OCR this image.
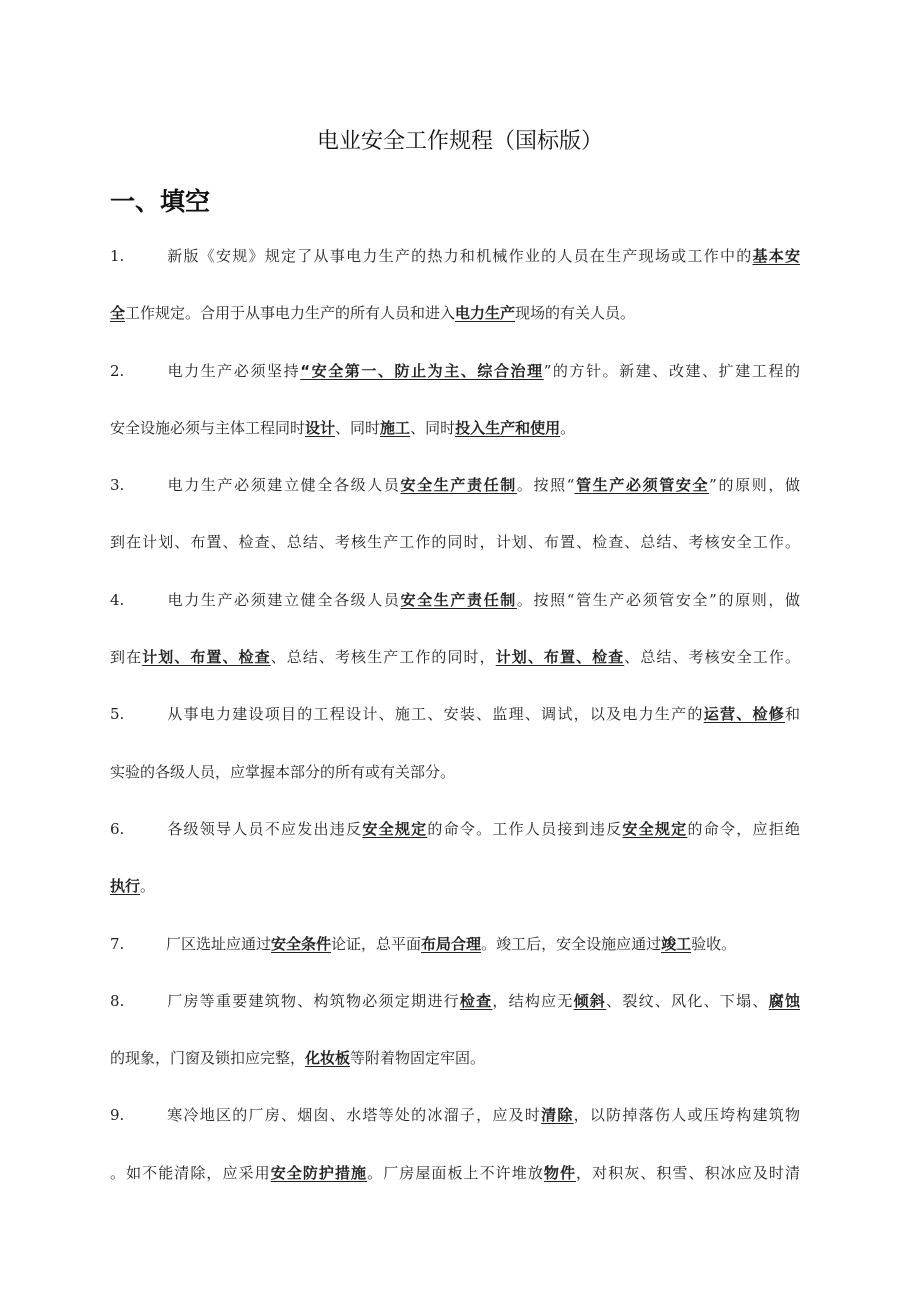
电业安全工作规程（国标版）
一、填空
1.	新版《安规》规定了从事电力生产的热力和机械作业的人员在生产现场或工作中的基本安
全工作规定。合用于从事电力生产的所有人员和进入电力生产现场的有关人员。
2.	电力生产必须坚持“安全第一、防止为主、综合治理”的方针。新建、改建、扩建工程的
安全设施必须与主体工程同时设计、同时施工、同时投入生产和使用。
3.	电力生产必须建立健全各级人员安全生产责任制。按照“管生产必须管安全”的原则，做
到在计划、布置、检查、总结、考核生产工作的同时，计划、布置、检查、总结、考核安全工作。
4.	电力生产必须建立健全各级人员安全生产责任制。按照“管生产必须管安全”的原则，做
到在计划、布置、检查、总结、考核生产工作的同时，计划、布置、检查、总结、考核安全工作。
5.	从事电力建设项目的工程设计、施工、安装、监理、调试，以及电力生产的运营、检修和
实验的各级人员，应掌握本部分的所有或有关部分。
6.	各级领导人员不应发出违反安全规定的命令。工作人员接到违反安全规定的命令，应拒绝
执行。
7.	厂区选址应通过安全条件论证，总平面布局合理。竣工后，安全设施应通过竣工验收。
8.	厂房等重要建筑物、构筑物必须定期进行检查，结构应无倾斜、裂纹、风化、下塌、腐蚀
的现象，门窗及锁扣应完整，化妆板等附着物固定牢固。
9.	寒冷地区的厂房、烟囱、水塔等处的冰溜子，应及时清除，以防掉落伤人或压垮构建筑物
。如不能清除，应采用安全防护措施。厂房屋面板上不许堆放物件，对积灰、积雪、积冰应及时清
